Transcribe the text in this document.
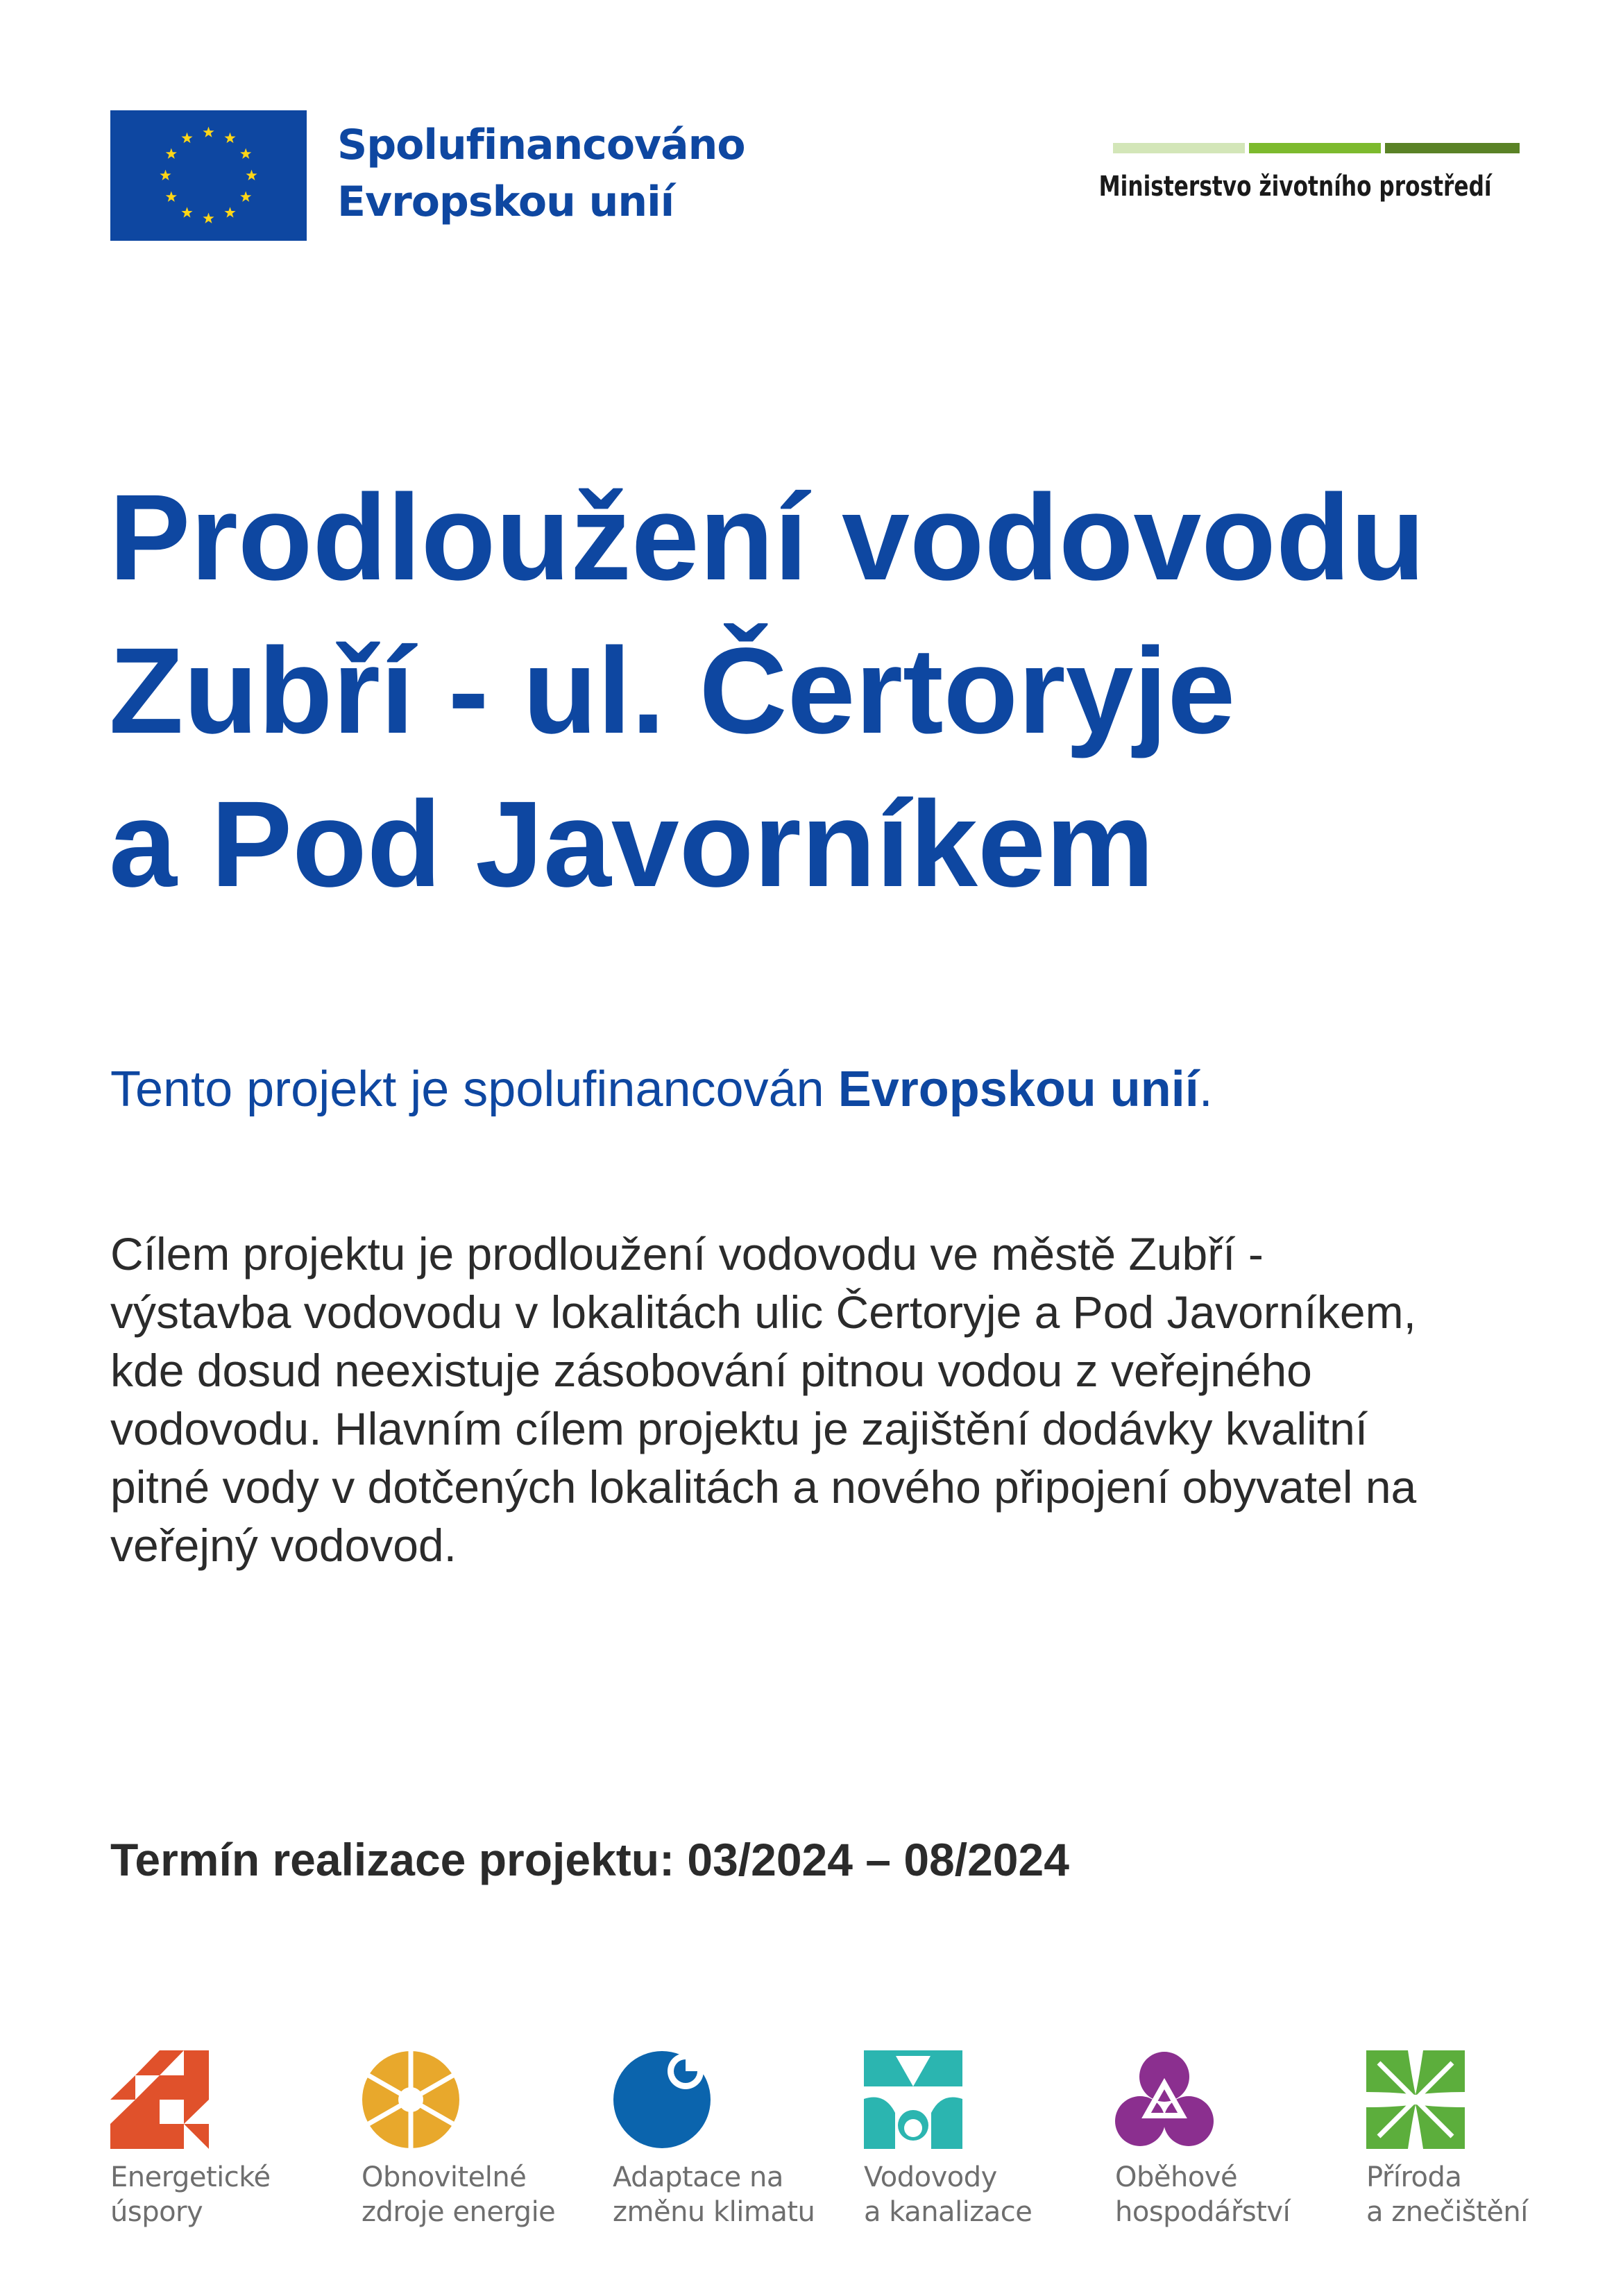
Spolufinancováno
Evropskou unií	Ministerstvo životního prostředí
Prodloužení vodovodu
Zubří - ul. Čertoryje
a Pod Javorníkem
Tento projekt je spolufinancován Evropskou unií.
Cílem projektu je prodloužení vodovodu ve městě Zubří -
výstavba vodovodu v lokalitách ulic Čertoryje a Pod Javorníkem,
kde dosud neexistuje zásobování pitnou vodou z veřejného
vodovodu. Hlavním cílem projektu je zajištění dodávky kvalitní
pitné vody v dotčených lokalitách a nového připojení obyvatel na
veřejný vodovod.
Termín realizace projektu: 03/2024 – 08/2024
Energetické
úspory
Obnovitelné
zdroje energie
Adaptace na
změnu klimatu
Vodovody
a kanalizace
Oběhové
hospodářství
Příroda
a znečištění
